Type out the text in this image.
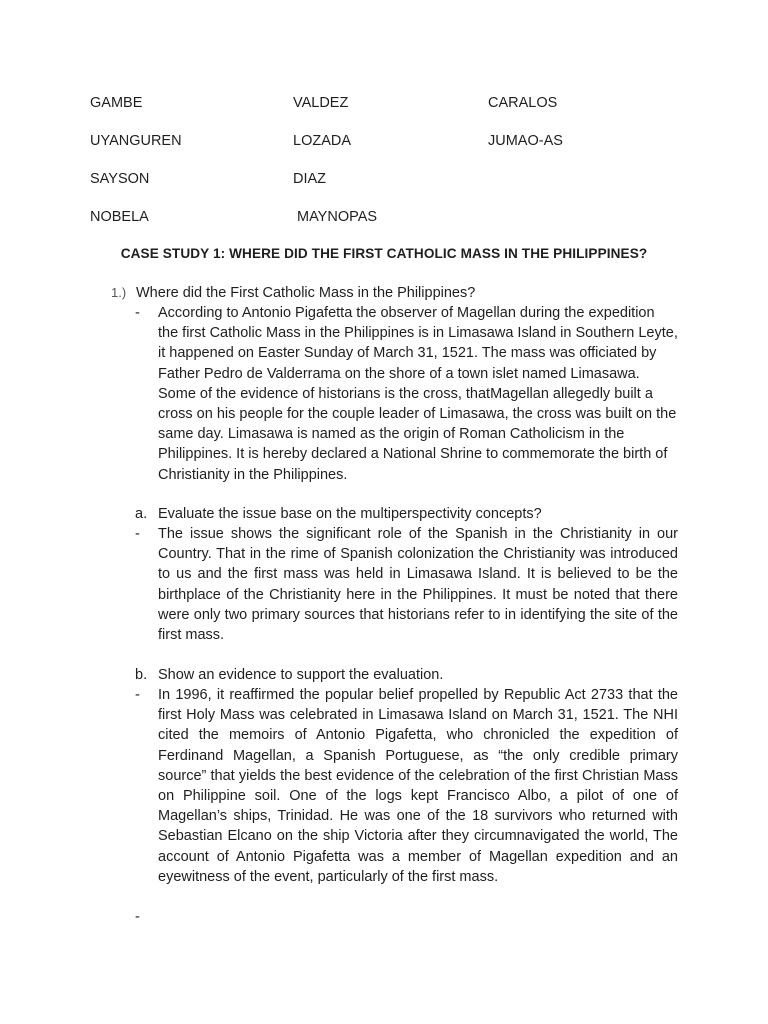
GAMBE	VALDEZ	CARALOS
UYANGUREN	LOZADA	JUMAO-AS
SAYSON	DIAZ
NOBELA	MAYNOPAS
CASE STUDY 1: WHERE DID THE FIRST CATHOLIC MASS IN THE PHILIPPINES?
1.) Where did the First Catholic Mass in the Philippines?
- According to Antonio Pigafetta the observer of Magellan during the expedition the first Catholic Mass in the Philippines is in Limasawa Island in Southern Leyte, it happened on Easter Sunday of March 31, 1521. The mass was officiated by Father Pedro de Valderrama on the shore of a town islet named Limasawa. Some of the evidence of historians is the cross, thatMagellan allegedly built a cross on his people for the couple leader of Limasawa, the cross was built on the same day. Limasawa is named as the origin of Roman Catholicism in the Philippines. It is hereby declared a National Shrine to commemorate the birth of Christianity in the Philippines.

a. Evaluate the issue base on the multiperspectivity concepts?
- The issue shows the significant role of the Spanish in the Christianity in our Country. That in the rime of Spanish colonization the Christianity was introduced to us and the first mass was held in Limasawa Island. It is believed to be the birthplace of the Christianity here in the Philippines. It must be noted that there were only two primary sources that historians refer to in identifying the site of the first mass.

b. Show an evidence to support the evaluation.
- In 1996, it reaffirmed the popular belief propelled by Republic Act 2733 that the first Holy Mass was celebrated in Limasawa Island on March 31, 1521. The NHI cited the memoirs of Antonio Pigafetta, who chronicled the expedition of Ferdinand Magellan, a Spanish Portuguese, as “the only credible primary source” that yields the best evidence of the celebration of the first Christian Mass on Philippine soil. One of the logs kept Francisco Albo, a pilot of one of Magellan’s ships, Trinidad. He was one of the 18 survivors who returned with Sebastian Elcano on the ship Victoria after they circumnavigated the world, The account of Antonio Pigafetta was a member of Magellan expedition and an eyewitness of the event, particularly of the first mass.

-
